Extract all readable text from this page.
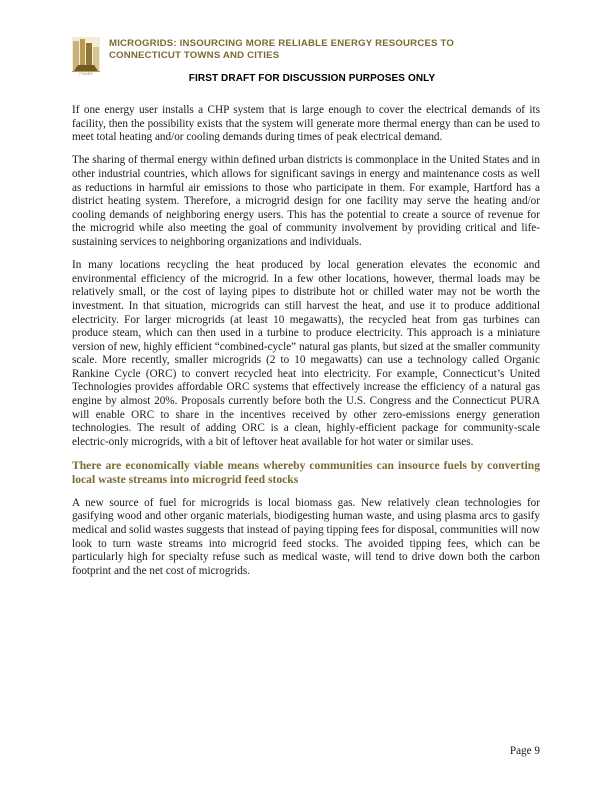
POWER
MICROGRIDS: INSOURCING MORE RELIABLE ENERGY RESOURCES TO
CONNECTICUT TOWNS AND CITIES
FIRST DRAFT FOR DISCUSSION PURPOSES ONLY

If one energy user installs a CHP system that is large enough to cover the electrical demands of its facility, then the possibility exists that the system will generate more thermal energy than can be used to meet total heating and/or cooling demands during times of peak electrical demand.

The sharing of thermal energy within defined urban districts is commonplace in the United States and in other industrial countries, which allows for significant savings in energy and maintenance costs as well as reductions in harmful air emissions to those who participate in them. For example, Hartford has a district heating system. Therefore, a microgrid design for one facility may serve the heating and/or cooling demands of neighboring energy users. This has the potential to create a source of revenue for the microgrid while also meeting the goal of community involvement by providing critical and life-sustaining services to neighboring organizations and individuals.

In many locations recycling the heat produced by local generation elevates the economic and environmental efficiency of the microgrid. In a few other locations, however, thermal loads may be relatively small, or the cost of laying pipes to distribute hot or chilled water may not be worth the investment. In that situation, microgrids can still harvest the heat, and use it to produce additional electricity. For larger microgrids (at least 10 megawatts), the recycled heat from gas turbines can produce steam, which can then used in a turbine to produce electricity. This approach is a miniature version of new, highly efficient “combined-cycle” natural gas plants, but sized at the smaller community scale. More recently, smaller microgrids (2 to 10 megawatts) can use a technology called Organic Rankine Cycle (ORC) to convert recycled heat into electricity. For example, Connecticut’s United Technologies provides affordable ORC systems that effectively increase the efficiency of a natural gas engine by almost 20%. Proposals currently before both the U.S. Congress and the Connecticut PURA will enable ORC to share in the incentives received by other zero-emissions energy generation technologies. The result of adding ORC is a clean, highly-efficient package for community-scale electric-only microgrids, with a bit of leftover heat available for hot water or similar uses.

There are economically viable means whereby communities can insource fuels by converting local waste streams into microgrid feed stocks

A new source of fuel for microgrids is local biomass gas. New relatively clean technologies for gasifying wood and other organic materials, biodigesting human waste, and using plasma arcs to gasify medical and solid wastes suggests that instead of paying tipping fees for disposal, communities will now look to turn waste streams into microgrid feed stocks. The avoided tipping fees, which can be particularly high for specialty refuse such as medical waste, will tend to drive down both the carbon footprint and the net cost of microgrids.

Page 9
